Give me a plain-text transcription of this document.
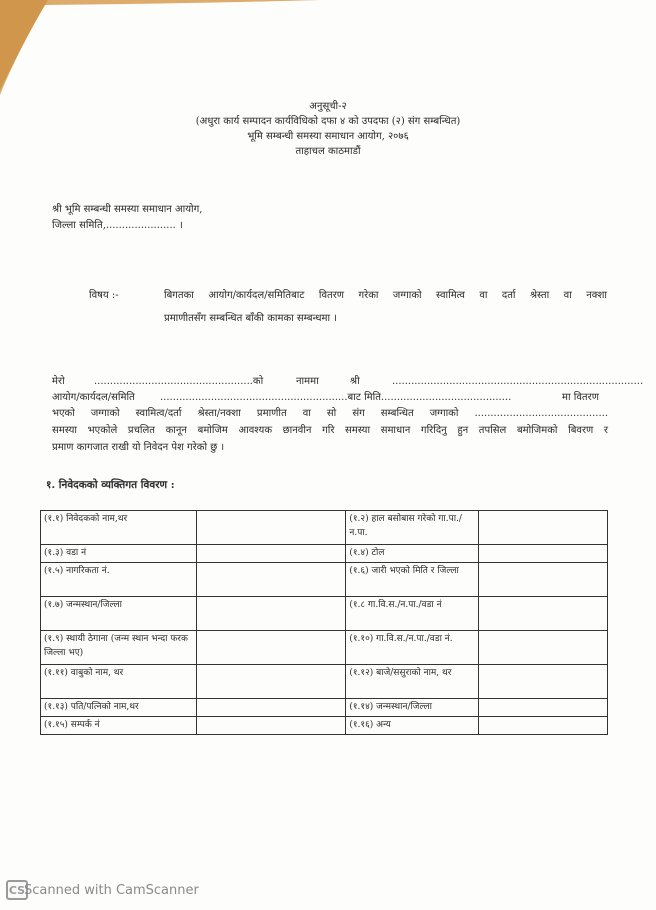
अनुसूची-२
(अधुरा कार्य सम्पादन कार्यविधिको दफा ४ को उपदफा (२) संग सम्बन्धित)
भूमि सम्बन्धी समस्या समाधान आयोग, २०७६
ताहाचल काठमाडौं
श्री भूमि सम्बन्धी समस्या समाधान आयोग,
जिल्ला समिति,...................... ।
विषय :-	बिगतका आयोग/कार्यदल/समितिबाट वितरण गरेका जग्गाको स्वामित्व वा दर्ता श्रेस्ता वा नक्शा
प्रमाणीतसँग सम्बन्धित बाँकी कामका सम्बन्धमा ।
मेरो	..................................................को	नाममा	श्री	...............................................................................
आयोग/कार्यदल/समिति	...........................................................बाट मिति.........................................	मा वितरण
भएको जग्गाको स्वामित्व/दर्ता श्रेस्ता/नक्शा प्रमाणीत वा सो संग सम्बन्धित जग्गाको ..........................................
समस्या भएकोले प्रचलित कानून बमोजिम आवश्यक छानवीन गरि समस्या समाधान गरिदिनु हुन तपसिल बमोजिमको बिवरण र
प्रमाण कागजात राखी यो निवेदन पेश गरेको छु ।
१. निवेदकको व्यक्तिगत विवरण :
(१.१) निवेदकको नाम,थर		(१.२) हाल बसोबास गरेको गा.पा./न.पा.	
(१.३) वडा नं		(१.४) टोल	
(१.५) नागरिकता नं.		(१.६) जारी भएको मिति र जिल्ला	
(१.७) जन्मस्थान/जिल्ला		(१.८ गा.वि.स./न.पा./वडा नं	
(१.९) स्थायी ठेगाना (जन्म स्थान भन्दा फरक जिल्ला भए)		(१.१०) गा.वि.स./न.पा./वडा नं.	
(१.११) वाबुको नाम, थर		(१.१२) बाजे/ससुराको नाम, थर	
(१.१३) पति/पत्निको नाम,थर		(१.१४) जन्मस्थान/जिल्ला	
(१.१५) सम्पर्क नं		(१.१६) अन्य	
CS
Scanned with CamScanner
